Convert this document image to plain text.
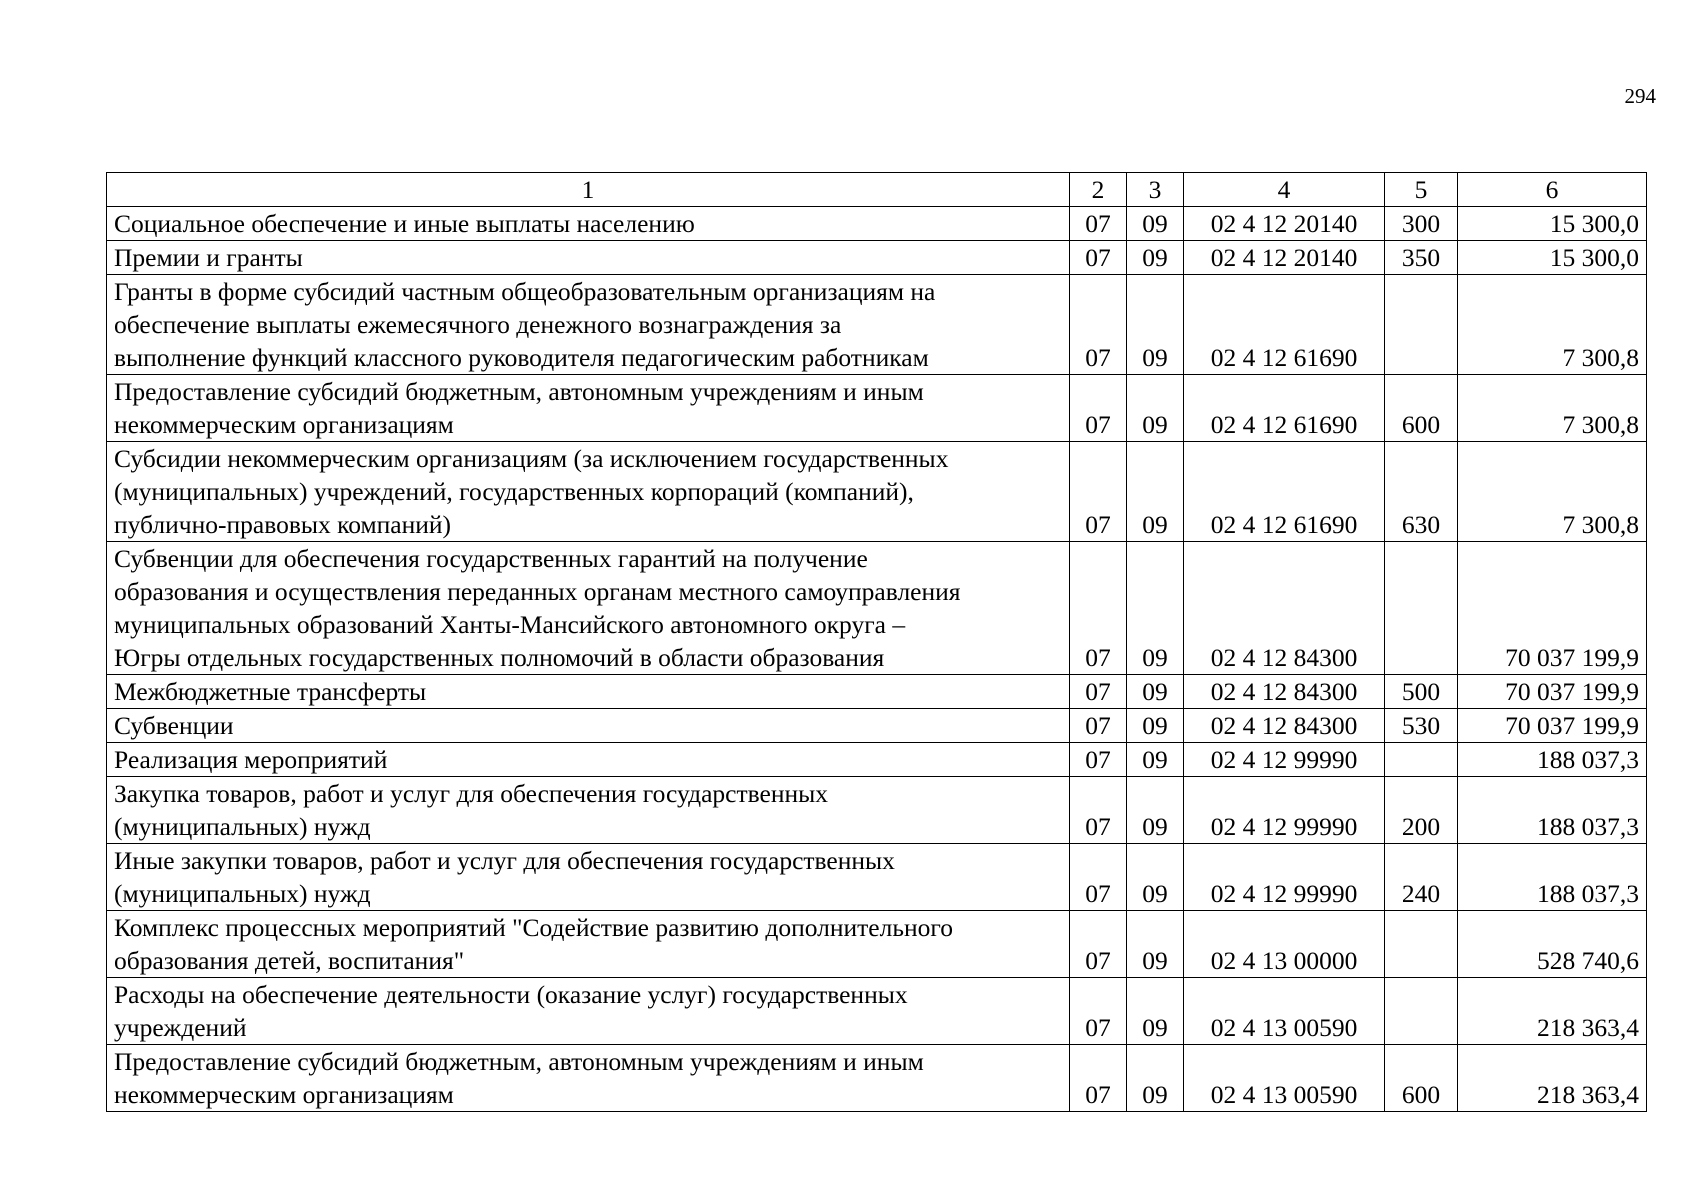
294
1	2	3	4	5	6
Социальное обеспечение и иные выплаты населению	07	09	02 4 12 20140	300	15 300,0
Премии и гранты	07	09	02 4 12 20140	350	15 300,0
Гранты в форме субсидий частным общеобразовательным организациям на
обеспечение выплаты ежемесячного денежного вознаграждения за
выполнение функций классного руководителя педагогическим работникам	07	09	02 4 12 61690		7 300,8
Предоставление субсидий бюджетным, автономным учреждениям и иным
некоммерческим организациям	07	09	02 4 12 61690	600	7 300,8
Субсидии некоммерческим организациям (за исключением государственных
(муниципальных) учреждений, государственных корпораций (компаний),
публично-правовых компаний)	07	09	02 4 12 61690	630	7 300,8
Субвенции для обеспечения государственных гарантий на получение
образования и осуществления переданных органам местного самоуправления
муниципальных образований Ханты-Мансийского автономного округа –
Югры отдельных государственных полномочий в области образования	07	09	02 4 12 84300		70 037 199,9
Межбюджетные трансферты	07	09	02 4 12 84300	500	70 037 199,9
Субвенции	07	09	02 4 12 84300	530	70 037 199,9
Реализация мероприятий	07	09	02 4 12 99990		188 037,3
Закупка товаров, работ и услуг для обеспечения государственных
(муниципальных) нужд	07	09	02 4 12 99990	200	188 037,3
Иные закупки товаров, работ и услуг для обеспечения государственных
(муниципальных) нужд	07	09	02 4 12 99990	240	188 037,3
Комплекс процессных мероприятий "Содействие развитию дополнительного
образования детей, воспитания"	07	09	02 4 13 00000		528 740,6
Расходы на обеспечение деятельности (оказание услуг) государственных
учреждений	07	09	02 4 13 00590		218 363,4
Предоставление субсидий бюджетным, автономным учреждениям и иным
некоммерческим организациям	07	09	02 4 13 00590	600	218 363,4
